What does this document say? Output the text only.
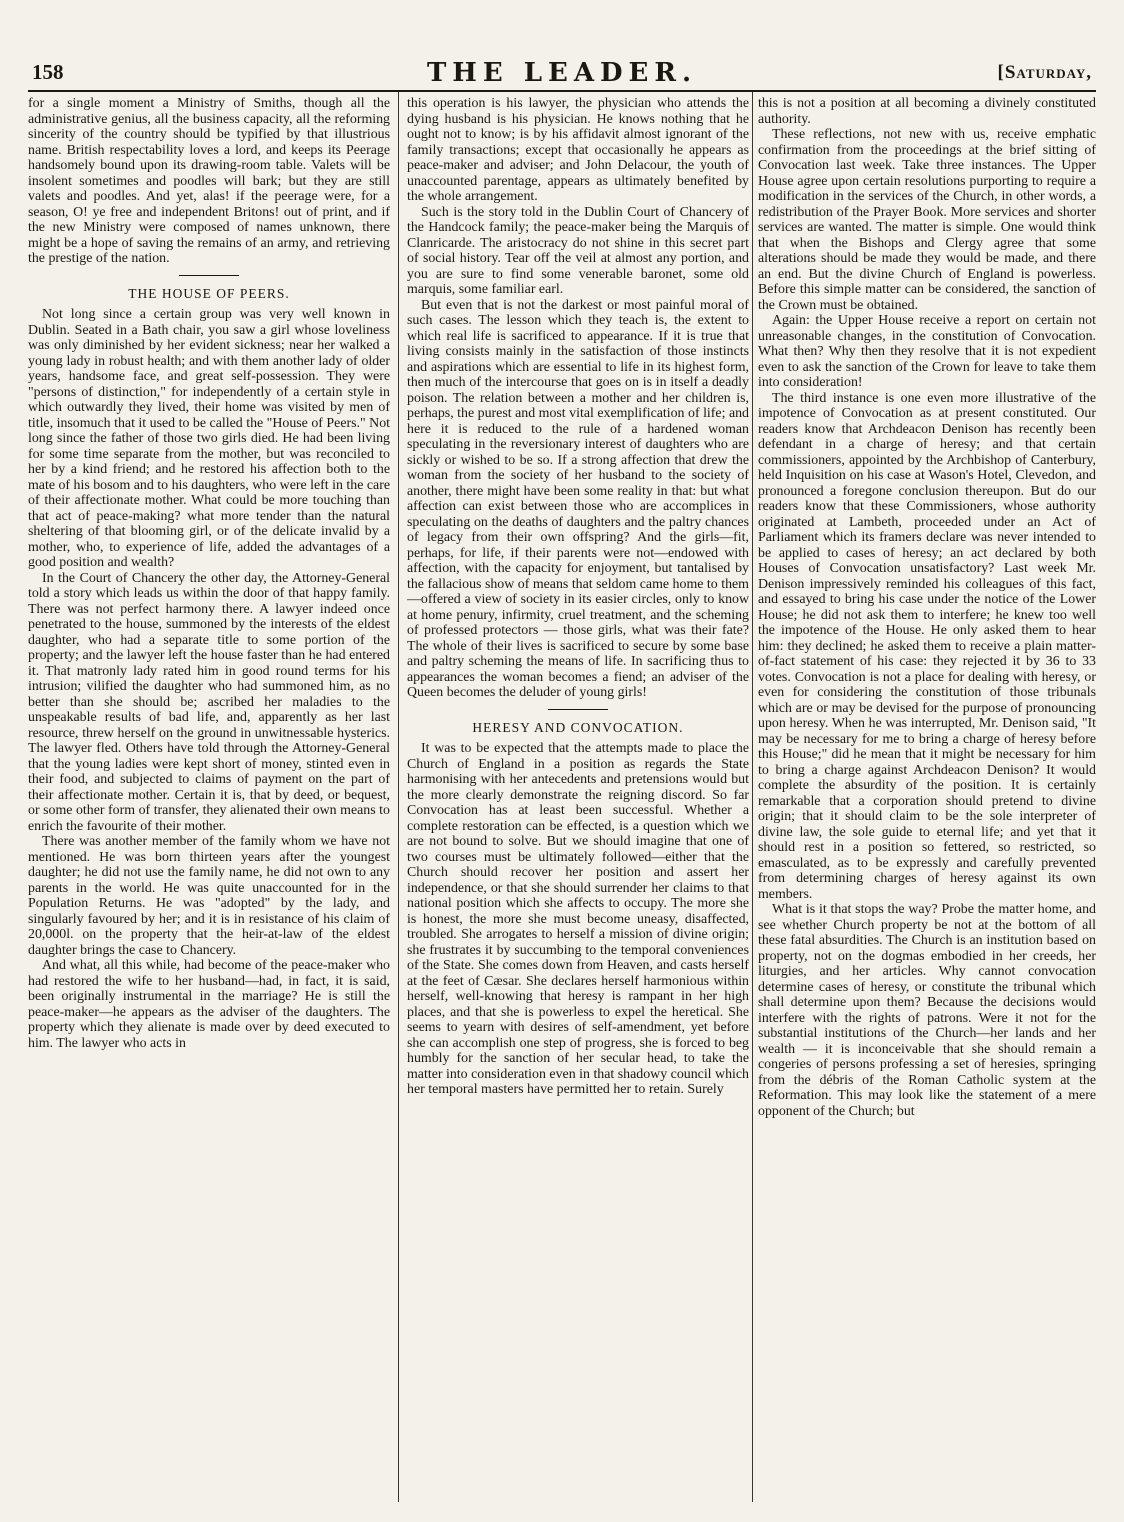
158	THE LEADER.	[Saturday,

for a single moment a Ministry of Smiths, though all the administrative genius, all the business capacity, all the reforming sincerity of the country should be typified by that illustrious name. British respectability loves a lord, and keeps its Peerage handsomely bound upon its drawing-room table. Valets will be insolent sometimes and poodles will bark; but they are still valets and poodles. And yet, alas! if the peerage were, for a season, O! ye free and independent Britons! out of print, and if the new Ministry were composed of names unknown, there might be a hope of saving the remains of an army, and retrieving the prestige of the nation.

THE HOUSE OF PEERS.

Not long since a certain group was very well known in Dublin. Seated in a Bath chair, you saw a girl whose loveliness was only diminished by her evident sickness; near her walked a young lady in robust health; and with them another lady of older years, handsome face, and great self-possession. They were "persons of distinction," for independently of a certain style in which outwardly they lived, their home was visited by men of title, insomuch that it used to be called the "House of Peers." Not long since the father of those two girls died. He had been living for some time separate from the mother, but was reconciled to her by a kind friend; and he restored his affection both to the mate of his bosom and to his daughters, who were left in the care of their affectionate mother. What could be more touching than that act of peace-making? what more tender than the natural sheltering of that blooming girl, or of the delicate invalid by a mother, who, to experience of life, added the advantages of a good position and wealth?

In the Court of Chancery the other day, the Attorney-General told a story which leads us within the door of that happy family. There was not perfect harmony there. A lawyer indeed once penetrated to the house, summoned by the interests of the eldest daughter, who had a separate title to some portion of the property; and the lawyer left the house faster than he had entered it. That matronly lady rated him in good round terms for his intrusion; vilified the daughter who had summoned him, as no better than she should be; ascribed her maladies to the unspeakable results of bad life, and, apparently as her last resource, threw herself on the ground in unwitnessable hysterics. The lawyer fled. Others have told through the Attorney-General that the young ladies were kept short of money, stinted even in their food, and subjected to claims of payment on the part of their affectionate mother. Certain it is, that by deed, or bequest, or some other form of transfer, they alienated their own means to enrich the favourite of their mother.

There was another member of the family whom we have not mentioned. He was born thirteen years after the youngest daughter; he did not use the family name, he did not own to any parents in the world. He was quite unaccounted for in the Population Returns. He was "adopted" by the lady, and singularly favoured by her; and it is in resistance of his claim of 20,000l. on the property that the heir-at-law of the eldest daughter brings the case to Chancery.

And what, all this while, had become of the peace-maker who had restored the wife to her husband—had, in fact, it is said, been originally instrumental in the marriage? He is still the peace-maker—he appears as the adviser of the daughters. The property which they alienate is made over by deed executed to him. The lawyer who acts in

this operation is his lawyer, the physician who attends the dying husband is his physician. He knows nothing that he ought not to know; is by his affidavit almost ignorant of the family transactions; except that occasionally he appears as peace-maker and adviser; and John Delacour, the youth of unaccounted parentage, appears as ultimately benefited by the whole arrangement.

Such is the story told in the Dublin Court of Chancery of the Handcock family; the peace-maker being the Marquis of Clanricarde. The aristocracy do not shine in this secret part of social history. Tear off the veil at almost any portion, and you are sure to find some venerable baronet, some old marquis, some familiar earl.

But even that is not the darkest or most painful moral of such cases. The lesson which they teach is, the extent to which real life is sacrificed to appearance. If it is true that living consists mainly in the satisfaction of those instincts and aspirations which are essential to life in its highest form, then much of the intercourse that goes on is in itself a deadly poison. The relation between a mother and her children is, perhaps, the purest and most vital exemplification of life; and here it is reduced to the rule of a hardened woman speculating in the reversionary interest of daughters who are sickly or wished to be so. If a strong affection that drew the woman from the society of her husband to the society of another, there might have been some reality in that: but what affection can exist between those who are accomplices in speculating on the deaths of daughters and the paltry chances of legacy from their own offspring? And the girls—fit, perhaps, for life, if their parents were not—endowed with affection, with the capacity for enjoyment, but tantalised by the fallacious show of means that seldom came home to them—offered a view of society in its easier circles, only to know at home penury, infirmity, cruel treatment, and the scheming of professed protectors — those girls, what was their fate? The whole of their lives is sacrificed to secure by some base and paltry scheming the means of life. In sacrificing thus to appearances the woman becomes a fiend; an adviser of the Queen becomes the deluder of young girls!

HERESY AND CONVOCATION.

It was to be expected that the attempts made to place the Church of England in a position as regards the State harmonising with her antecedents and pretensions would but the more clearly demonstrate the reigning discord. So far Convocation has at least been successful. Whether a complete restoration can be effected, is a question which we are not bound to solve. But we should imagine that one of two courses must be ultimately followed—either that the Church should recover her position and assert her independence, or that she should surrender her claims to that national position which she affects to occupy. The more she is honest, the more she must become uneasy, disaffected, troubled. She arrogates to herself a mission of divine origin; she frustrates it by succumbing to the temporal conveniences of the State. She comes down from Heaven, and casts herself at the feet of Cæsar. She declares herself harmonious within herself, well-knowing that heresy is rampant in her high places, and that she is powerless to expel the heretical. She seems to yearn with desires of self-amendment, yet before she can accomplish one step of progress, she is forced to beg humbly for the sanction of her secular head, to take the matter into consideration even in that shadowy council which her temporal masters have permitted her to retain. Surely

this is not a position at all becoming a divinely constituted authority.

These reflections, not new with us, receive emphatic confirmation from the proceedings at the brief sitting of Convocation last week. Take three instances. The Upper House agree upon certain resolutions purporting to require a modification in the services of the Church, in other words, a redistribution of the Prayer Book. More services and shorter services are wanted. The matter is simple. One would think that when the Bishops and Clergy agree that some alterations should be made they would be made, and there an end. But the divine Church of England is powerless. Before this simple matter can be considered, the sanction of the Crown must be obtained.

Again: the Upper House receive a report on certain not unreasonable changes, in the constitution of Convocation. What then? Why then they resolve that it is not expedient even to ask the sanction of the Crown for leave to take them into consideration!

The third instance is one even more illustrative of the impotence of Convocation as at present constituted. Our readers know that Archdeacon Denison has recently been defendant in a charge of heresy; and that certain commissioners, appointed by the Archbishop of Canterbury, held Inquisition on his case at Wason's Hotel, Clevedon, and pronounced a foregone conclusion thereupon. But do our readers know that these Commissioners, whose authority originated at Lambeth, proceeded under an Act of Parliament which its framers declare was never intended to be applied to cases of heresy; an act declared by both Houses of Convocation unsatisfactory? Last week Mr. Denison impressively reminded his colleagues of this fact, and essayed to bring his case under the notice of the Lower House; he did not ask them to interfere; he knew too well the impotence of the House. He only asked them to hear him: they declined; he asked them to receive a plain matter-of-fact statement of his case: they rejected it by 36 to 33 votes. Convocation is not a place for dealing with heresy, or even for considering the constitution of those tribunals which are or may be devised for the purpose of pronouncing upon heresy. When he was interrupted, Mr. Denison said, "It may be necessary for me to bring a charge of heresy before this House;" did he mean that it might be necessary for him to bring a charge against Archdeacon Denison? It would complete the absurdity of the position. It is certainly remarkable that a corporation should pretend to divine origin; that it should claim to be the sole interpreter of divine law, the sole guide to eternal life; and yet that it should rest in a position so fettered, so restricted, so emasculated, as to be expressly and carefully prevented from determining charges of heresy against its own members.

What is it that stops the way? Probe the matter home, and see whether Church property be not at the bottom of all these fatal absurdities. The Church is an institution based on property, not on the dogmas embodied in her creeds, her liturgies, and her articles. Why cannot convocation determine cases of heresy, or constitute the tribunal which shall determine upon them? Because the decisions would interfere with the rights of patrons. Were it not for the substantial institutions of the Church—her lands and her wealth — it is inconceivable that she should remain a congeries of persons professing a set of heresies, springing from the débris of the Roman Catholic system at the Reformation. This may look like the statement of a mere opponent of the Church; but
